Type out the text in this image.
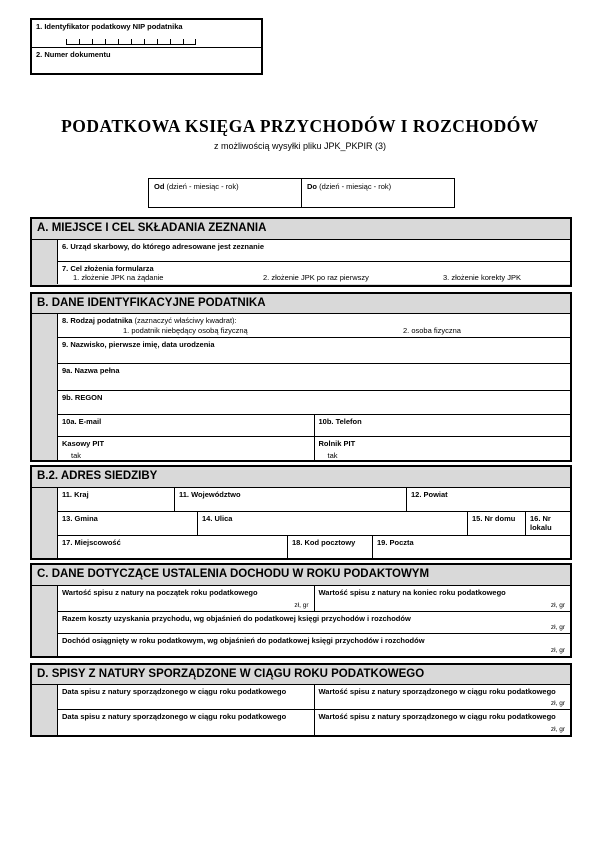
1. Identyfikator podatkowy NIP podatnika
2. Numer dokumentu
PODATKOWA KSIĘGA PRZYCHODÓW I ROZCHODÓW
z możliwością wysyłki pliku JPK_PKPIR (3)
Od (dzień - miesiąc - rok)	Do (dzień - miesiąc - rok)
A. MIEJSCE I CEL SKŁADANIA ZEZNANIA
6. Urząd skarbowy, do którego adresowane jest zeznanie
7. Cel złożenia formularza
1. złożenie JPK na żądanie	2. złożenie JPK po raz pierwszy	3. złożenie korekty JPK
B. DANE IDENTYFIKACYJNE PODATNIKA
8. Rodzaj podatnika (zaznaczyć właściwy kwadrat):
1. podatnik niebędący osobą fizyczną	2. osoba fizyczna
9. Nazwisko, pierwsze imię, data urodzenia
9a. Nazwa pełna
9b. REGON
10a. E-mail	10b. Telefon
Kasowy PIT
tak
Rolnik PIT
tak
B.2. ADRES SIEDZIBY
11. Kraj	11. Województwo	12. Powiat
13. Gmina	14. Ulica	15. Nr domu	16. Nr lokalu
17. Miejscowość	18. Kod pocztowy	19. Poczta
C. DANE DOTYCZĄCE USTALENIA DOCHODU W ROKU PODAKTOWYM
Wartość spisu z natury na początek roku podatkowego
zł, gr
Wartość spisu z natury na koniec roku podatkowego
zł, gr
Razem koszty uzyskania przychodu, wg objaśnień do podatkowej księgi przychodów i rozchodów
zł, gr
Dochód osiągnięty w roku podatkowym, wg objaśnień do podatkowej księgi przychodów i rozchodów
zł, gr
D. SPISY Z NATURY SPORZĄDZONE W CIĄGU ROKU PODATKOWEGO
Data spisu z natury sporządzonego w ciągu roku podatkowego	Wartość spisu z natury sporządzonego w ciągu roku podatkowego
zł, gr
Data spisu z natury sporządzonego w ciągu roku podatkowego	Wartość spisu z natury sporządzonego w ciągu roku podatkowego
zł, gr
